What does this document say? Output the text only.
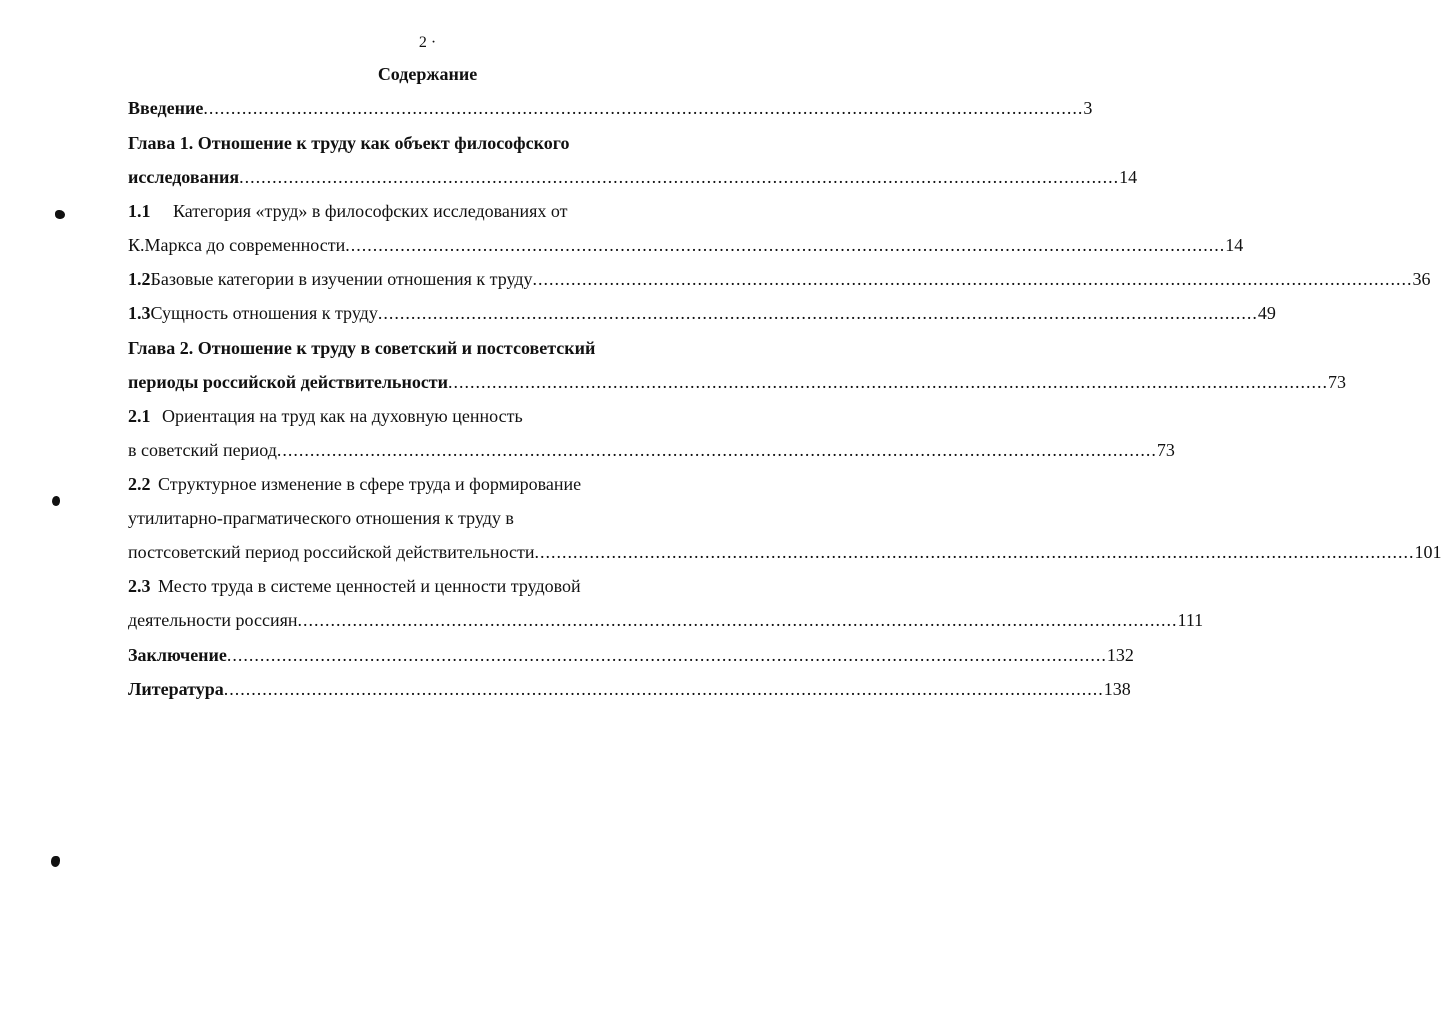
2 ·
Содержание
Введение ................................................................................................................................................................ 3
Глава 1. Отношение к труду как объект философского
исследования ................................................................................................................................................................ 14
1.1 Категория «труд» в философских исследованиях от
К.Маркса до современности ................................................................................................................................................................ 14
1.2 Базовые категории в изучении отношения к труду ................................................................................................................................................................ 36
1.3 Сущность отношения к труду ................................................................................................................................................................ 49
Глава 2. Отношение к труду в советский и постсоветский
периоды российской действительности ................................................................................................................................................................ 73
2.1 Ориентация на труд как на духовную ценность
в советский период ................................................................................................................................................................ 73
2.2 Структурное изменение в сфере труда и формирование
утилитарно-прагматического отношения к труду в
постсоветский период российской действительности ................................................................................................................................................................ 101
2.3 Место труда в системе ценностей и ценности трудовой
деятельности россиян ................................................................................................................................................................ 111
Заключение ................................................................................................................................................................ 132
Литература ................................................................................................................................................................ 138
